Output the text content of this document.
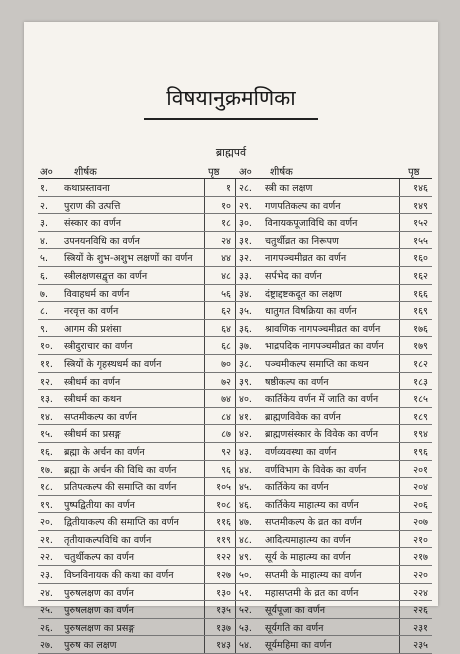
विषयानुक्रमणिका
ब्राह्मपर्व
अ० शीर्षक	पृष्ठ अ० शीर्षक	पृष्ठ
१. कथाप्रस्तावना	१
२. पुराण की उत्पत्ति	१०
३. संस्कार का वर्णन	१८
४. उपनयनविधि का वर्णन	२४
५. स्त्रियों के शुभ-अशुभ लक्षणों का वर्णन	४४
६. स्त्रीलक्षणसद्वृत्त का वर्णन	४८
७. विवाहधर्म का वर्णन	५६
८. नरवृत्त का वर्णन	६२
९. आगम की प्रशंसा	६४
१०. स्त्रीदुराचार का वर्णन	६८
११. स्त्रियों के गृहस्थधर्म का वर्णन	७०
१२. स्त्रीधर्म का वर्णन	७२
१३. स्त्रीधर्म का कथन	७४
१४. सप्तमीकल्प का वर्णन	८४
१५. स्त्रीधर्म का प्रसङ्ग	८७
१६. ब्रह्मा के अर्चन का वर्णन	९२
१७. ब्रह्मा के अर्चन की विधि का वर्णन	९६
१८. प्रतिपत्कल्प की समाप्ति का वर्णन	१०५
१९. पुष्पद्वितीया का वर्णन	१०८
२०. द्वितीयाकल्प की समाप्ति का वर्णन	११६
२१. तृतीयाकल्पविधि का वर्णन	११९
२२. चतुर्थीकल्प का वर्णन	१२२
२३. विघ्नविनायक की कथा का वर्णन	१२७
२४. पुरुषलक्षण का वर्णन	१३०
२५. पुरुषलक्षण का वर्णन	१३५
२६. पुरुषलक्षण का प्रसङ्ग	१३७
२७. पुरुष का लक्षण	१४३
२८. स्त्री का लक्षण	१४६
२९. गणपतिकल्प का वर्णन	१४९
३०. विनायकपूजाविधि का वर्णन	१५२
३१. चतुर्थीव्रत का निरूपण	१५५
३२. नागपञ्चमीव्रत का वर्णन	१६०
३३. सर्पभेद का वर्णन	१६२
३४. दंष्ट्राद्दष्टकदूत का लक्षण	१६६
३५. धातुगत विषक्रिया का वर्णन	१६९
३६. श्रावणिक नागपञ्चमीव्रत का वर्णन	१७६
३७. भाद्रपदिक नागपञ्चमीव्रत का वर्णन	१७९
३८. पञ्चमीकल्प समाप्ति का कथन	१८२
३९. षष्ठीकल्प का वर्णन	१८३
४०. कार्तिकेय वर्णन में जाति का वर्णन	१८५
४१. ब्राह्मणविवेक का वर्णन	१८९
४२. ब्राह्मणसंस्कार के विवेक का वर्णन	१९४
४३. वर्णव्यवस्था का वर्णन	१९६
४४. वर्णविभाग के विवेक का वर्णन	२०१
४५. कार्तिकेय का वर्णन	२०४
४६. कार्तिकेय माहात्म्य का वर्णन	२०६
४७. सप्तमीकल्प के व्रत का वर्णन	२०७
४८. आदित्यमाहात्म्य का वर्णन	२१०
४९. सूर्य के माहात्म्य का वर्णन	२१७
५०. सप्तमी के माहात्म्य का वर्णन	२२०
५१. महासप्तमी के व्रत का वर्णन	२२४
५२. सूर्यपूजा का वर्णन	२२६
५३. सूर्यगति का वर्णन	२३१
५४. सूर्यमहिमा का वर्णन	२३५
